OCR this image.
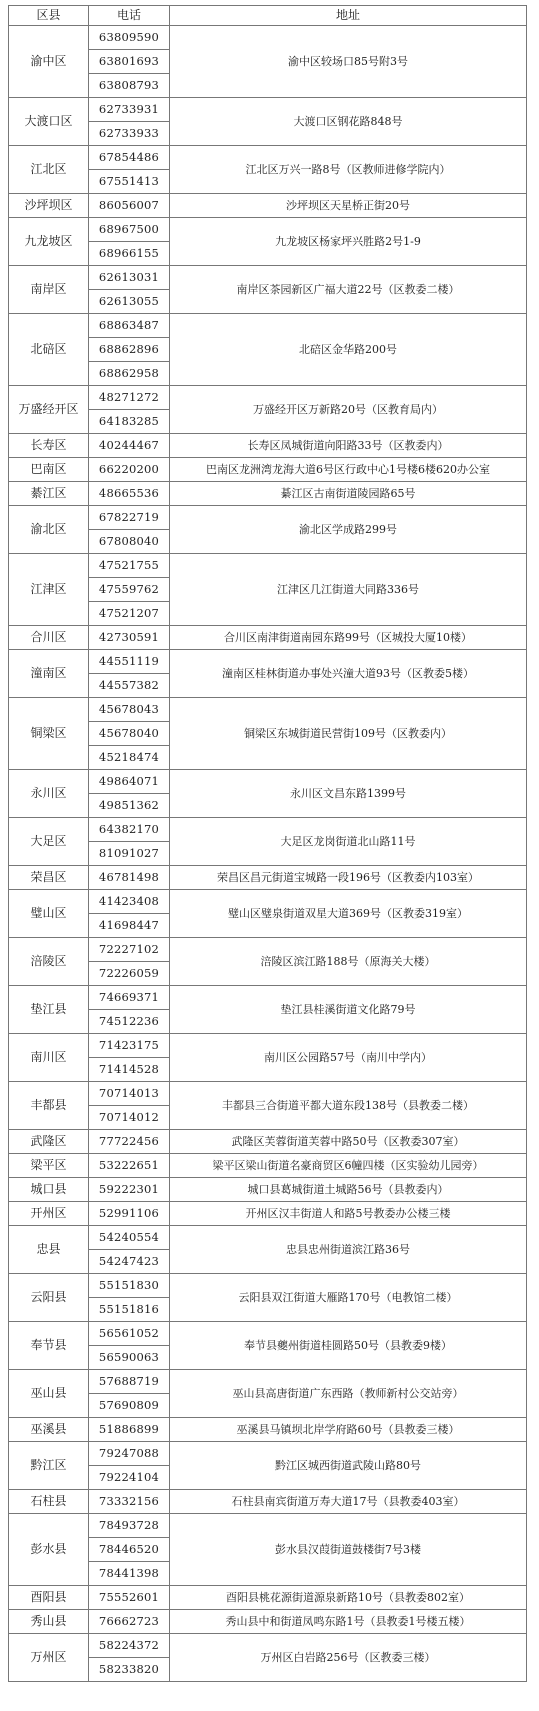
区县	电话	地址
渝中区	63809590	渝中区较场口85号附3号
	63801693	
	63808793	
大渡口区	62733931	大渡口区钢花路848号
	62733933	
江北区	67854486	江北区万兴一路8号（区教师进修学院内）
	67551413	
沙坪坝区	86056007	沙坪坝区天星桥正街20号
九龙坡区	68967500	九龙坡区杨家坪兴胜路2号1-9
	68966155	
南岸区	62613031	南岸区茶园新区广福大道22号（区教委二楼）
	62613055	
北碚区	68863487	北碚区金华路200号
	68862896	
	68862958	
万盛经开区	48271272	万盛经开区万新路20号（区教育局内）
	64183285	
长寿区	40244467	长寿区凤城街道向阳路33号（区教委内）
巴南区	66220200	巴南区龙洲湾龙海大道6号区行政中心1号楼6楼620办公室
綦江区	48665536	綦江区古南街道陵园路65号
渝北区	67822719	渝北区学成路299号
	67808040	
江津区	47521755	江津区几江街道大同路336号
	47559762	
	47521207	
合川区	42730591	合川区南津街道南园东路99号（区城投大厦10楼）
潼南区	44551119	潼南区桂林街道办事处兴潼大道93号（区教委5楼）
	44557382	
铜梁区	45678043	铜梁区东城街道民营街109号（区教委内）
	45678040	
	45218474	
永川区	49864071	永川区文昌东路1399号
	49851362	
大足区	64382170	大足区龙岗街道北山路11号
	81091027	
荣昌区	46781498	荣昌区昌元街道宝城路一段196号（区教委内103室）
璧山区	41423408	璧山区璧泉街道双星大道369号（区教委319室）
	41698447	
涪陵区	72227102	涪陵区滨江路188号（原海关大楼）
	72226059	
垫江县	74669371	垫江县桂溪街道文化路79号
	74512236	
南川区	71423175	南川区公园路57号（南川中学内）
	71414528	
丰都县	70714013	丰都县三合街道平都大道东段138号（县教委二楼）
	70714012	
武隆区	77722456	武隆区芙蓉街道芙蓉中路50号（区教委307室）
梁平区	53222651	梁平区梁山街道名豪商贸区6幢四楼（区实验幼儿园旁）
城口县	59222301	城口县葛城街道土城路56号（县教委内）
开州区	52991106	开州区汉丰街道人和路5号教委办公楼三楼
忠县	54240554	忠县忠州街道滨江路36号
	54247423	
云阳县	55151830	云阳县双江街道大雁路170号（电教馆二楼）
	55151816	
奉节县	56561052	奉节县夔州街道桂圆路50号（县教委9楼）
	56590063	
巫山县	57688719	巫山县高唐街道广东西路（教师新村公交站旁）
	57690809	
巫溪县	51886899	巫溪县马镇坝北岸学府路60号（县教委三楼）
黔江区	79247088	黔江区城西街道武陵山路80号
	79224104	
石柱县	73332156	石柱县南宾街道万寿大道17号（县教委403室）
彭水县	78493728	彭水县汉葭街道鼓楼街7号3楼
	78446520	
	78441398	
酉阳县	75552601	酉阳县桃花源街道源泉新路10号（县教委802室）
秀山县	76662723	秀山县中和街道凤鸣东路1号（县教委1号楼五楼）
万州区	58224372	万州区白岩路256号（区教委三楼）
	58233820	
